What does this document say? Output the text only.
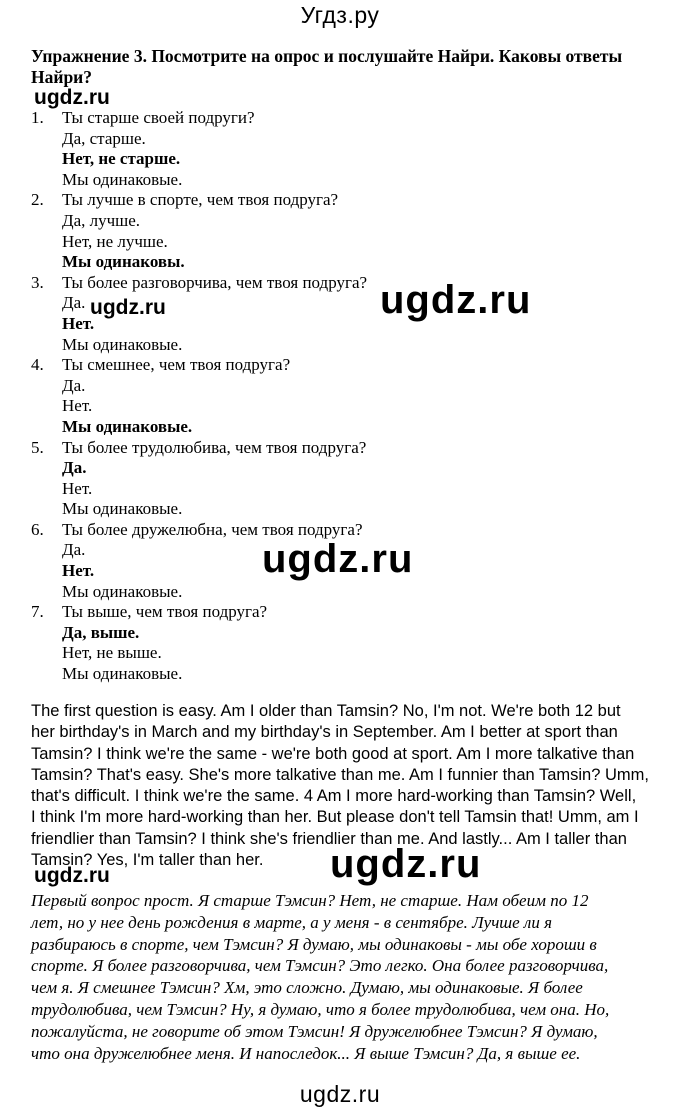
Угдз.ру
Упражнение 3. Посмотрите на опрос и послушайте Найри. Каковы ответы
Найри?
1. Ты старше своей подруги?
Да, старше.
Нет, не старше.
Мы одинаковые.
2. Ты лучше в спорте, чем твоя подруга?
Да, лучше.
Нет, не лучше.
Мы одинаковы.
3. Ты более разговорчива, чем твоя подруга?
Да.
Нет.
Мы одинаковые.
4. Ты смешнее, чем твоя подруга?
Да.
Нет.
Мы одинаковые.
5. Ты более трудолюбива, чем твоя подруга?
Да.
Нет.
Мы одинаковые.
6. Ты более дружелюбна, чем твоя подруга?
Да.
Нет.
Мы одинаковые.
7. Ты выше, чем твоя подруга?
Да, выше.
Нет, не выше.
Мы одинаковые.
The first question is easy. Am I older than Tamsin? No, I'm not. We're both 12 but
her birthday's in March and my birthday's in September. Am I better at sport than
Tamsin? I think we're the same - we're both good at sport. Am I more talkative than
Tamsin? That's easy. She's more talkative than me. Am I funnier than Tamsin? Umm,
that's difficult. I think we're the same. 4 Am I more hard-working than Tamsin? Well,
I think I'm more hard-working than her. But please don't tell Tamsin that! Umm, am I
friendlier than Tamsin? I think she's friendlier than me. And lastly... Am I taller than
Tamsin? Yes, I'm taller than her.
Первый вопрос прост. Я старше Тэмсин? Нет, не старше. Нам обеим по 12
лет, но у нее день рождения в марте, а у меня - в сентябре. Лучше ли я
разбираюсь в спорте, чем Тэмсин? Я думаю, мы одинаковы - мы обе хороши в
спорте. Я более разговорчива, чем Тэмсин? Это легко. Она более разговорчива,
чем я. Я смешнее Тэмсин? Хм, это сложно. Думаю, мы одинаковые. Я более
трудолюбива, чем Тэмсин? Ну, я думаю, что я более трудолюбива, чем она. Но,
пожалуйста, не говорите об этом Тэмсин! Я дружелюбнее Тэмсин? Я думаю,
что она дружелюбнее меня. И напоследок... Я выше Тэмсин? Да, я выше ее.
ugdz.ru
ugdz.ru	ugdz.ru
ugdz.ru
ugdz.ru
ugdz.ru
ugdz.ru
